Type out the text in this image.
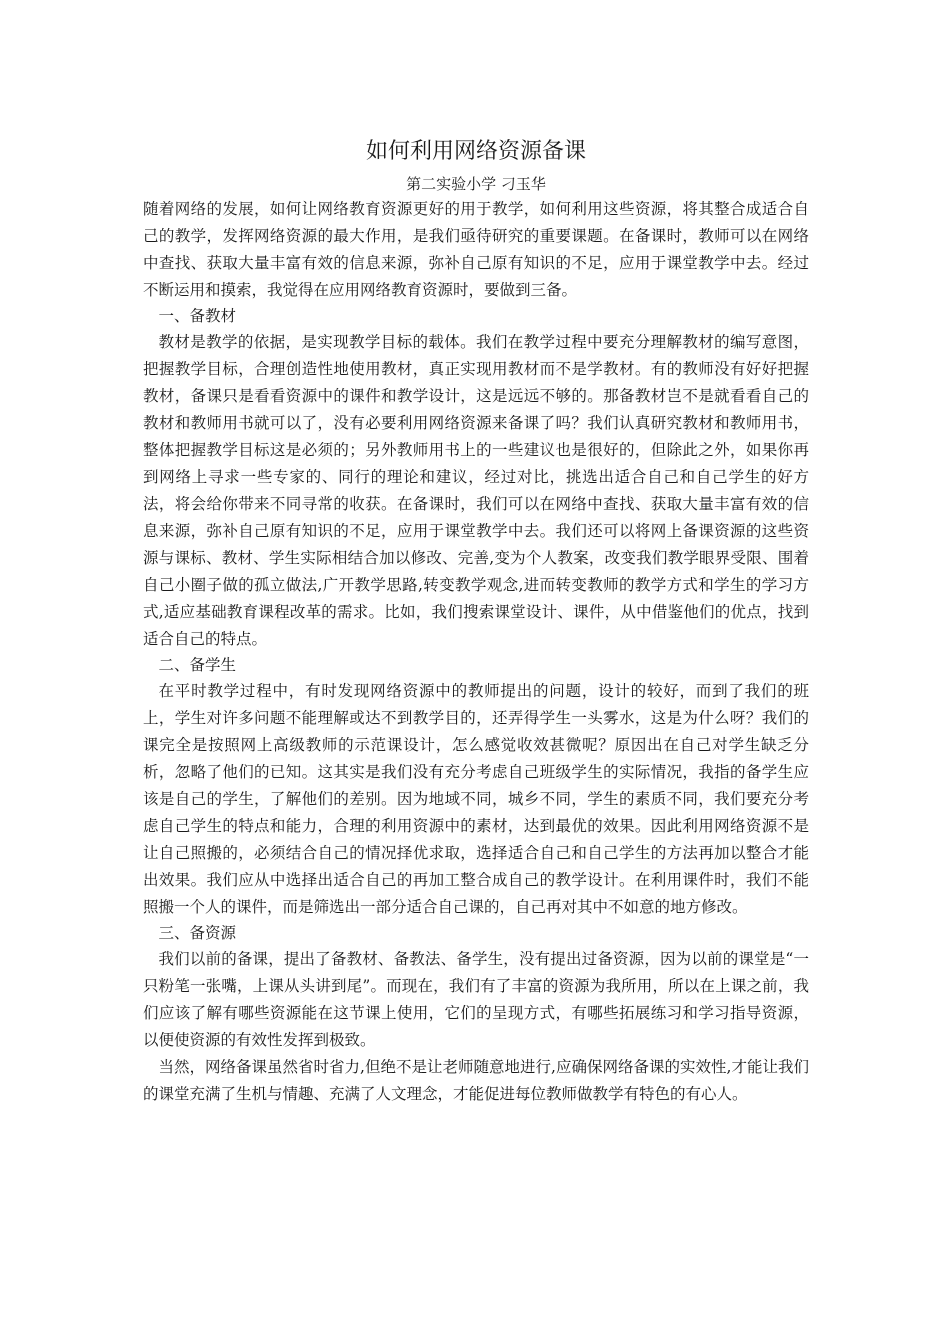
如何利用网络资源备课

第二实验小学 刁玉华

随着网络的发展，如何让网络教育资源更好的用于教学，如何利用这些资源，将其整合成适合自己的教学，发挥网络资源的最大作用，是我们亟待研究的重要课题。在备课时，教师可以在网络中查找、获取大量丰富有效的信息来源，弥补自己原有知识的不足，应用于课堂教学中去。经过不断运用和摸索，我觉得在应用网络教育资源时，要做到三备。

一、备教材

教材是教学的依据，是实现教学目标的载体。我们在教学过程中要充分理解教材的编写意图，把握教学目标，合理创造性地使用教材，真正实现用教材而不是学教材。有的教师没有好好把握教材，备课只是看看资源中的课件和教学设计，这是远远不够的。那备教材岂不是就看看自己的教材和教师用书就可以了，没有必要利用网络资源来备课了吗？我们认真研究教材和教师用书，整体把握教学目标这是必须的；另外教师用书上的一些建议也是很好的，但除此之外，如果你再到网络上寻求一些专家的、同行的理论和建议，经过对比，挑选出适合自己和自己学生的好方法，将会给你带来不同寻常的收获。在备课时，我们可以在网络中查找、获取大量丰富有效的信息来源，弥补自己原有知识的不足，应用于课堂教学中去。我们还可以将网上备课资源的这些资源与课标、教材、学生实际相结合加以修改、完善,变为个人教案，改变我们教学眼界受限、围着自己小圈子做的孤立做法,广开教学思路,转变教学观念,进而转变教师的教学方式和学生的学习方式,适应基础教育课程改革的需求。比如，我们搜索课堂设计、课件，从中借鉴他们的优点，找到适合自己的特点。

二、备学生

在平时教学过程中，有时发现网络资源中的教师提出的问题，设计的较好，而到了我们的班上，学生对许多问题不能理解或达不到教学目的，还弄得学生一头雾水，这是为什么呀？我们的课完全是按照网上高级教师的示范课设计，怎么感觉收效甚微呢？原因出在自己对学生缺乏分析，忽略了他们的已知。这其实是我们没有充分考虑自己班级学生的实际情况，我指的备学生应该是自己的学生，了解他们的差别。因为地域不同，城乡不同，学生的素质不同，我们要充分考虑自己学生的特点和能力，合理的利用资源中的素材，达到最优的效果。因此利用网络资源不是让自己照搬的，必须结合自己的情况择优求取，选择适合自己和自己学生的方法再加以整合才能出效果。我们应从中选择出适合自己的再加工整合成自己的教学设计。在利用课件时，我们不能照搬一个人的课件，而是筛选出一部分适合自己课的，自己再对其中不如意的地方修改。

三、备资源

我们以前的备课，提出了备教材、备教法、备学生，没有提出过备资源，因为以前的课堂是“一只粉笔一张嘴，上课从头讲到尾”。而现在，我们有了丰富的资源为我所用，所以在上课之前，我们应该了解有哪些资源能在这节课上使用，它们的呈现方式，有哪些拓展练习和学习指导资源，以便使资源的有效性发挥到极致。

当然，网络备课虽然省时省力,但绝不是让老师随意地进行,应确保网络备课的实效性,才能让我们的课堂充满了生机与情趣、充满了人文理念，才能促进每位教师做教学有特色的有心人。
